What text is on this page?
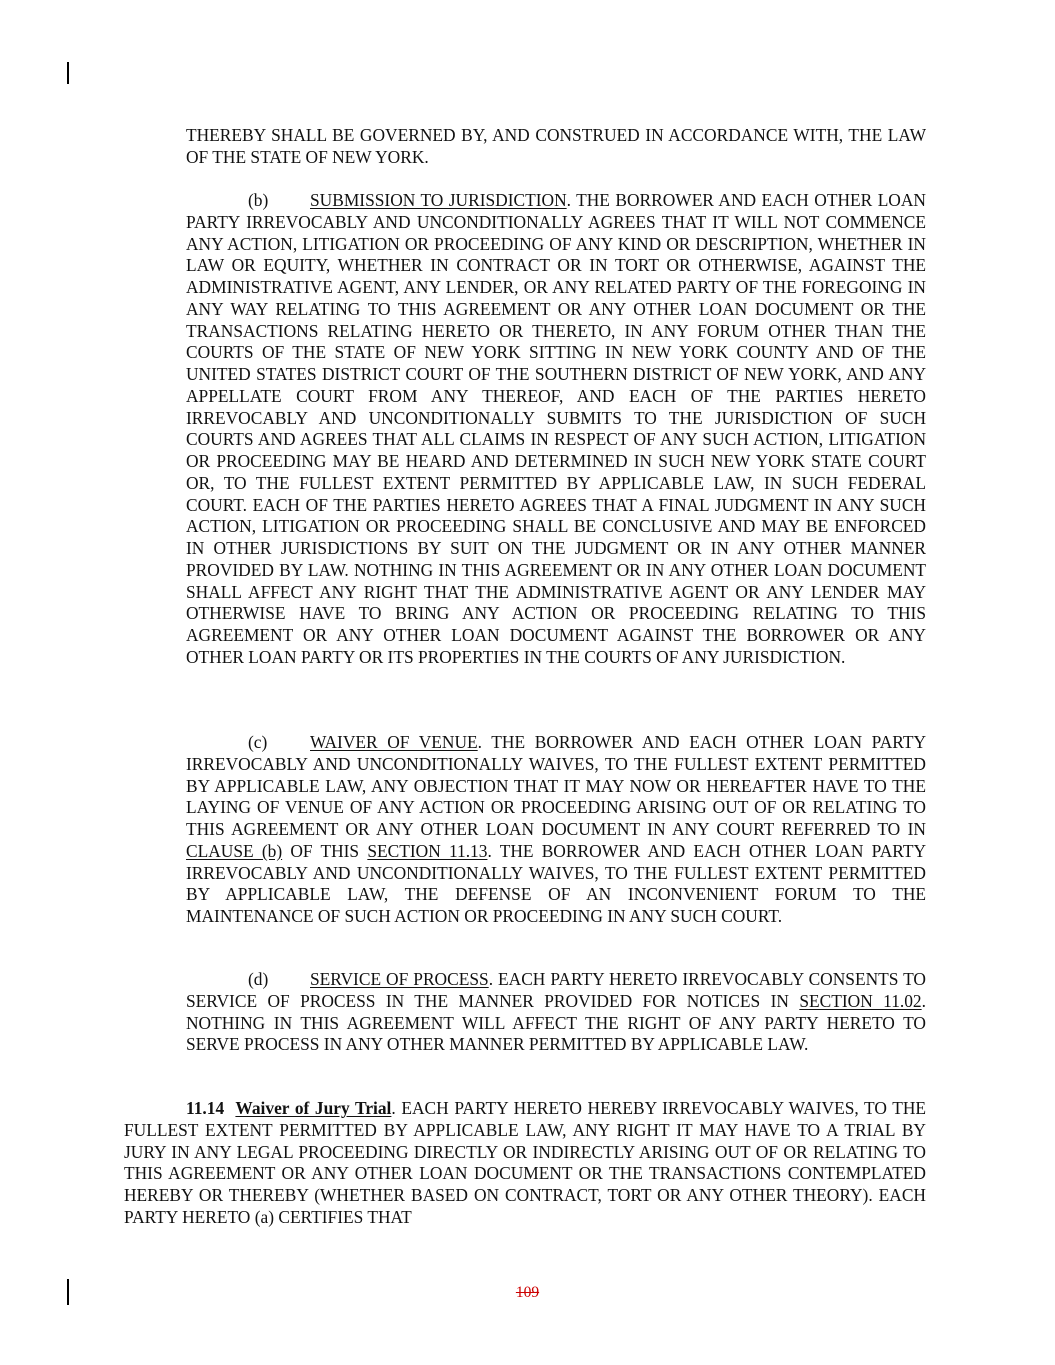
THEREBY SHALL BE GOVERNED BY, AND CONSTRUED IN ACCORDANCE WITH, THE LAW OF THE STATE OF NEW YORK.

(b) SUBMISSION TO JURISDICTION. THE BORROWER AND EACH OTHER LOAN PARTY IRREVOCABLY AND UNCONDITIONALLY AGREES THAT IT WILL NOT COMMENCE ANY ACTION, LITIGATION OR PROCEEDING OF ANY KIND OR DESCRIPTION, WHETHER IN LAW OR EQUITY, WHETHER IN CONTRACT OR IN TORT OR OTHERWISE, AGAINST THE ADMINISTRATIVE AGENT, ANY LENDER, OR ANY RELATED PARTY OF THE FOREGOING IN ANY WAY RELATING TO THIS AGREEMENT OR ANY OTHER LOAN DOCUMENT OR THE TRANSACTIONS RELATING HERETO OR THERETO, IN ANY FORUM OTHER THAN THE COURTS OF THE STATE OF NEW YORK SITTING IN NEW YORK COUNTY AND OF THE UNITED STATES DISTRICT COURT OF THE SOUTHERN DISTRICT OF NEW YORK, AND ANY APPELLATE COURT FROM ANY THEREOF, AND EACH OF THE PARTIES HERETO IRREVOCABLY AND UNCONDITIONALLY SUBMITS TO THE JURISDICTION OF SUCH COURTS AND AGREES THAT ALL CLAIMS IN RESPECT OF ANY SUCH ACTION, LITIGATION OR PROCEEDING MAY BE HEARD AND DETERMINED IN SUCH NEW YORK STATE COURT OR, TO THE FULLEST EXTENT PERMITTED BY APPLICABLE LAW, IN SUCH FEDERAL COURT. EACH OF THE PARTIES HERETO AGREES THAT A FINAL JUDGMENT IN ANY SUCH ACTION, LITIGATION OR PROCEEDING SHALL BE CONCLUSIVE AND MAY BE ENFORCED IN OTHER JURISDICTIONS BY SUIT ON THE JUDGMENT OR IN ANY OTHER MANNER PROVIDED BY LAW. NOTHING IN THIS AGREEMENT OR IN ANY OTHER LOAN DOCUMENT SHALL AFFECT ANY RIGHT THAT THE ADMINISTRATIVE AGENT OR ANY LENDER MAY OTHERWISE HAVE TO BRING ANY ACTION OR PROCEEDING RELATING TO THIS AGREEMENT OR ANY OTHER LOAN DOCUMENT AGAINST THE BORROWER OR ANY OTHER LOAN PARTY OR ITS PROPERTIES IN THE COURTS OF ANY JURISDICTION.

(c) WAIVER OF VENUE. THE BORROWER AND EACH OTHER LOAN PARTY IRREVOCABLY AND UNCONDITIONALLY WAIVES, TO THE FULLEST EXTENT PERMITTED BY APPLICABLE LAW, ANY OBJECTION THAT IT MAY NOW OR HEREAFTER HAVE TO THE LAYING OF VENUE OF ANY ACTION OR PROCEEDING ARISING OUT OF OR RELATING TO THIS AGREEMENT OR ANY OTHER LOAN DOCUMENT IN ANY COURT REFERRED TO IN CLAUSE (b) OF THIS SECTION 11.13. THE BORROWER AND EACH OTHER LOAN PARTY IRREVOCABLY AND UNCONDITIONALLY WAIVES, TO THE FULLEST EXTENT PERMITTED BY APPLICABLE LAW, THE DEFENSE OF AN INCONVENIENT FORUM TO THE MAINTENANCE OF SUCH ACTION OR PROCEEDING IN ANY SUCH COURT.

(d) SERVICE OF PROCESS. EACH PARTY HERETO IRREVOCABLY CONSENTS TO SERVICE OF PROCESS IN THE MANNER PROVIDED FOR NOTICES IN SECTION 11.02. NOTHING IN THIS AGREEMENT WILL AFFECT THE RIGHT OF ANY PARTY HERETO TO SERVE PROCESS IN ANY OTHER MANNER PERMITTED BY APPLICABLE LAW.

11.14 Waiver of Jury Trial. EACH PARTY HERETO HEREBY IRREVOCABLY WAIVES, TO THE FULLEST EXTENT PERMITTED BY APPLICABLE LAW, ANY RIGHT IT MAY HAVE TO A TRIAL BY JURY IN ANY LEGAL PROCEEDING DIRECTLY OR INDIRECTLY ARISING OUT OF OR RELATING TO THIS AGREEMENT OR ANY OTHER LOAN DOCUMENT OR THE TRANSACTIONS CONTEMPLATED HEREBY OR THEREBY (WHETHER BASED ON CONTRACT, TORT OR ANY OTHER THEORY). EACH PARTY HERETO (a) CERTIFIES THAT

109
